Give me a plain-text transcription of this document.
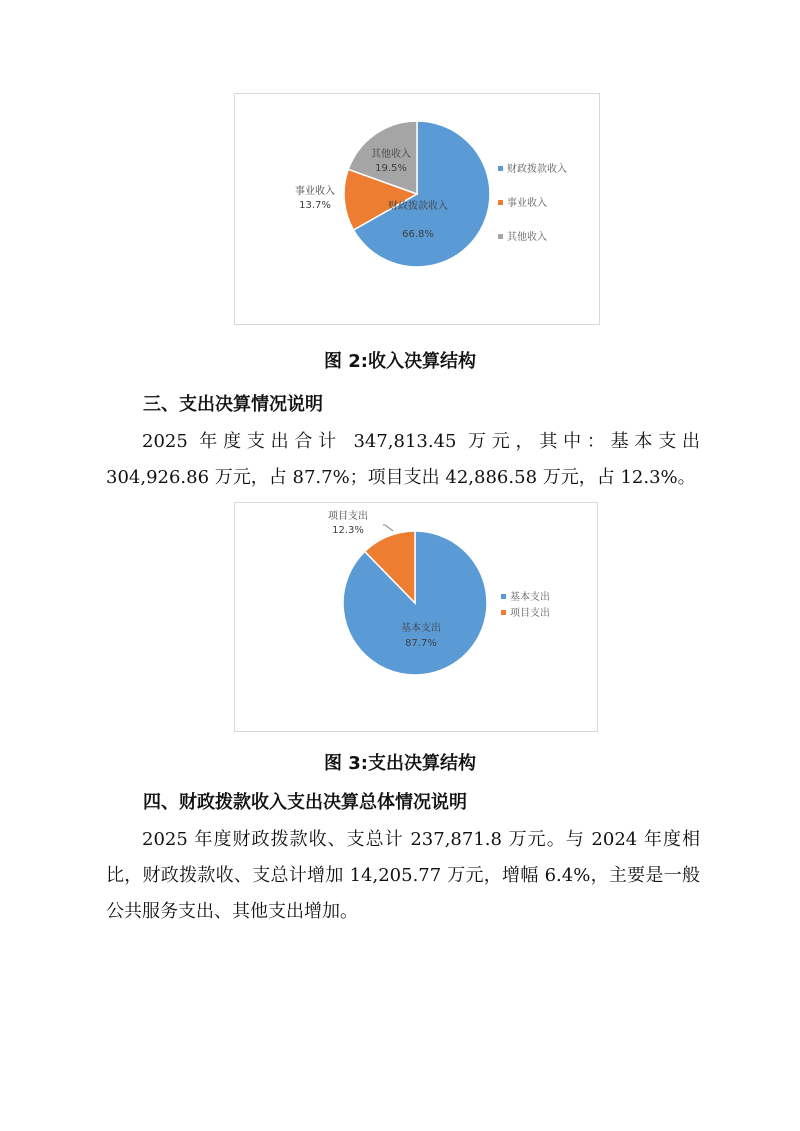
财政拨款收入
66.8%
事业收入
13.7%
其他收入
19.5%	财政拨款收入
事业收入
其他收入
图 2:收入决算结构
三、支出决算情况说明

2025 年度支出合计 347,813.45 万元，其中：基本支出 304,926.86 万元，占 87.7%；项目支出 42,886.58 万元，占 12.3%。

基本支出
87.7%
项目支出
12.3%
基本支出
项目支出
图 3:支出决算结构
四、财政拨款收入支出决算总体情况说明

2025 年度财政拨款收、支总计 237,871.8 万元。与 2024 年度相比，财政拨款收、支总计增加 14,205.77 万元，增幅 6.4%，主要是一般公共服务支出、其他支出增加。
